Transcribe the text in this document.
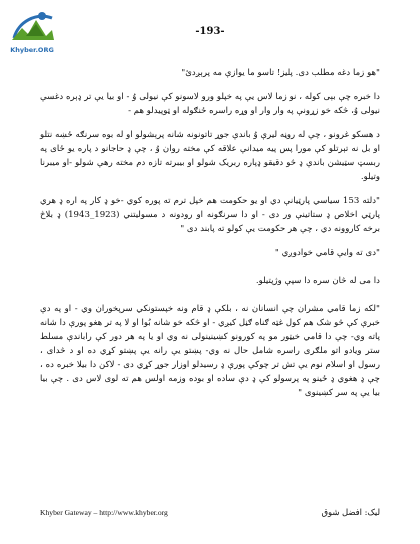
Khyber.ORG
-193-

"هو زما دغه مطلب دی. پلیز! تاسو ما یوازې مه پرېږدئ"

دا خبره چې بېی کوله ، نو زما لاس یې په خپلو ورو لاسونو کې نیولی وُ - او بیا یې تر ډېره دغسې نیولی وُ، څکه خو زړونې په وار وار او وړه راسره ځنګوله او ټوپیدلو هم -

د هسکو غرونو ، چې له روڼه لیرې وُ باندې جوړ تاتونونه شانه پرېشولو او له بوه سرنګه ځښه نتلو او بل نه تېرتلو کې مورا پس پیه میدانې علاقه کې مخته روان وُ ، چې ډ حاجانو د پاره یو ځای په ربسټ سټیشن باندې ډ څو دقیقو ډپاره ربریک شولو او بیبرته تازه دم مخته رهې شولو -او میبرنا وتیلو.

"دلته 153 سیاسي پارټیانې دي او یو حکومت هم خپل ترم ته پوره کوي -خو ډ کار په اره ډ هري پارټي اخلاص ډ ستاتينې ور دی - او دا سرنګونه او رودونه د مسولیتني (1923_1943) ډ بلاڅ برخه کاروونه دي ، چې هر حکومت یې کولو ته پابند دی "

"دی ته وایې قامي خوادوږي "

دا می له څان سره دا سپې وژپتیلو.

"لکه زما قامي مشران چې انسانان نه ، بلکې ډ قام ونه خپستونکي سرپخوران وي - او په دې خبرې کې څو شک هم کول غټه ګناه ګڼل کیږي - او څکه خو شانه بُوا او لا په تر هغو پورې دا شانه پاته وي- چې دا قامي خیټور مو په کورونو کښینینولی نه وي او یا په هر دور کې راباندې مسلط ستر ویادو اتو ملګری راسره شامل حال نه وي- پښتو یې رانه یې پښتو کړي ده او د څدای ، رسول او اسلام نوم یې تش تر چوکې پورې ډ رسیدلو اوزار جوړ کړي دی - لاکن دا بیلا خبره ده ، چې ډ هغوي ډ ځینو په پرسولو کې ډ دې ساده او بوده وزمه اولس هم ته لوی لاس دی . چې بیا بیا یې په سر کښینوی "

Khyber Gateway – http://www.khyber.org	لیک: افضل شوق
